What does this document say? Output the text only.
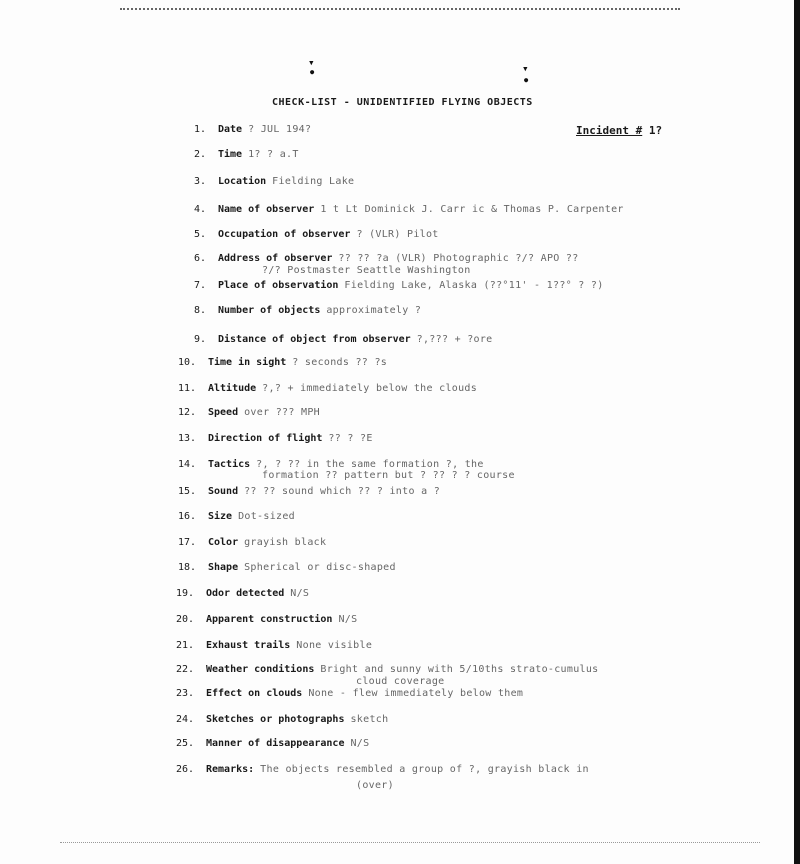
▾
●	▾
●
CHECK-LIST - UNIDENTIFIED FLYING OBJECTS
Incident # 1?
1. Date ? JUL 194?
2. Time 1? ? a.T
3. Location Fielding Lake
4. Name of observer 1 t Lt Dominick J. Carr ic & Thomas P. Carpenter
5. Occupation of observer ? (VLR) Pilot
6. Address of observer ?? ?? ?a (VLR) Photographic ?/? APO ??
?/? Postmaster Seattle Washington
7. Place of observation Fielding Lake, Alaska (??°11' - 1??° ? ?)
8. Number of objects approximately ?
9. Distance of object from observer ?,??? + ?ore
10. Time in sight ? seconds ?? ?s
11. Altitude ?,? + immediately below the clouds
12. Speed over ??? MPH
13. Direction of flight ?? ? ?E
14. Tactics ?, ? ?? in the same formation ?, the
formation ?? pattern but ? ?? ? ? course
15. Sound ?? ?? sound which ?? ? into a ?
16. Size Dot-sized
17. Color grayish black
18. Shape Spherical or disc-shaped
19. Odor detected N/S
20. Apparent construction N/S
21. Exhaust trails None visible
22. Weather conditions Bright and sunny with 5/10ths strato-cumulus
cloud coverage
23. Effect on clouds None - flew immediately below them
24. Sketches or photographs sketch
25. Manner of disappearance N/S
26. Remarks: The objects resembled a group of ?, grayish black in
(over)
